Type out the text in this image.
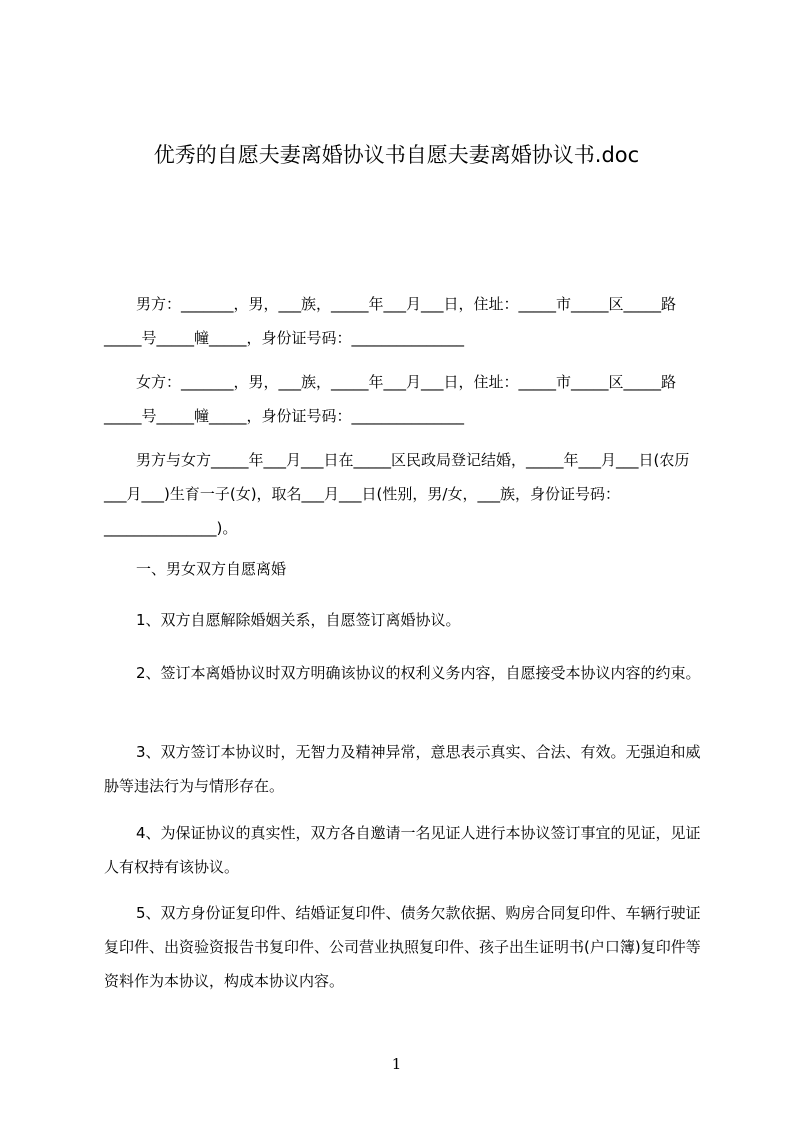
优秀的自愿夫妻离婚协议书自愿夫妻离婚协议书.doc

男方：_______，男，___族，_____年___月___日，住址：_____市_____区_____路_____号_____幢_____，身份证号码：_______________

女方：_______，男，___族，_____年___月___日，住址：_____市_____区_____路_____号_____幢_____，身份证号码：_______________

男方与女方_____年___月___日在_____区民政局登记结婚，_____年___月___日(农历___月___)生育一子(女)，取名___月___日(性别，男/女，___族，身份证号码：_______________)。

一、男女双方自愿离婚

1、双方自愿解除婚姻关系，自愿签订离婚协议。

2、签订本离婚协议时双方明确该协议的权利义务内容，自愿接受本协议内容的约束。

3、双方签订本协议时，无智力及精神异常，意思表示真实、合法、有效。无强迫和威胁等违法行为与情形存在。

4、为保证协议的真实性，双方各自邀请一名见证人进行本协议签订事宜的见证，见证人有权持有该协议。

5、双方身份证复印件、结婚证复印件、债务欠款依据、购房合同复印件、车辆行驶证复印件、出资验资报告书复印件、公司营业执照复印件、孩子出生证明书(户口簿)复印件等资料作为本协议，构成本协议内容。

1
